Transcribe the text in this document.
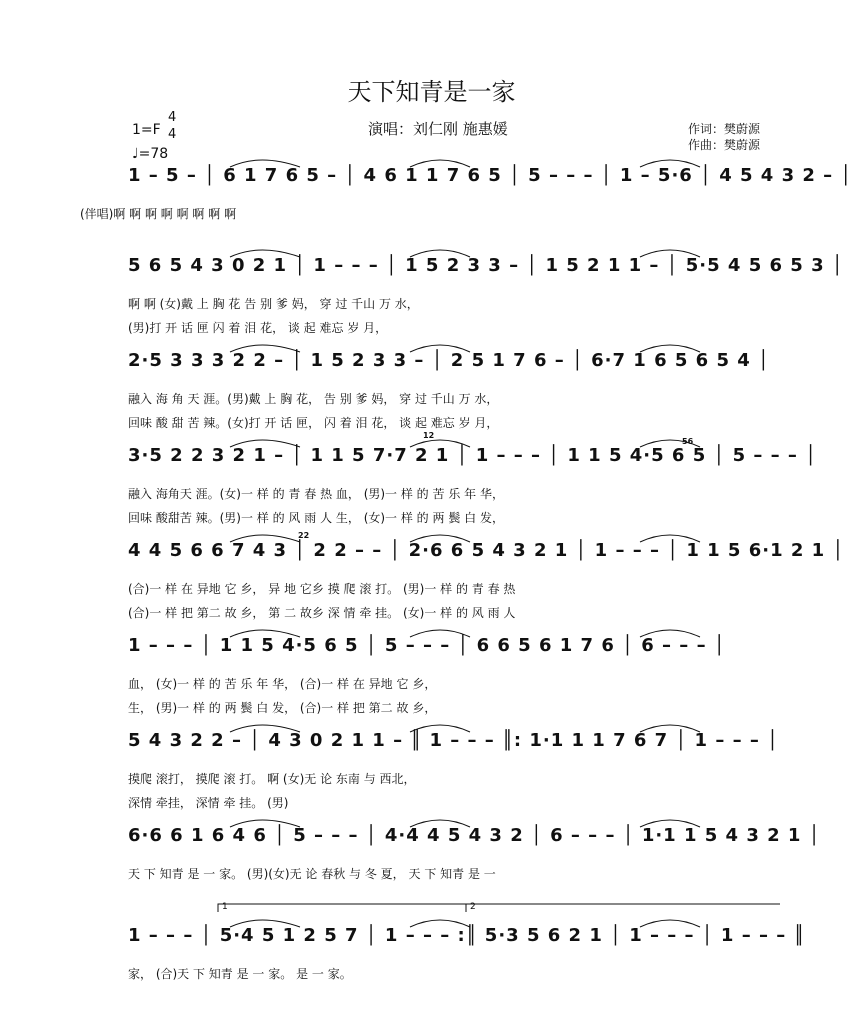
天下知青是一家
1=F
4
4
♩=78
演唱：刘仁刚 施惠媛	作词：樊蔚源
作曲：樊蔚源
1 – 5 – │ 6 1 7 6 5 – │ 4 6 1 1 7 6 5 │ 5 – – – │ 1 – 5·6 │ 4 5 4 3 2 – │
(伴唱)啊 啊 啊 啊 啊 啊 啊 啊
5 6 5 4 3 0 2 1 │ 1 – – – │ 1 5 2 3 3 – │ 1 5 2 1 1 – │ 5·5 4 5 6 5 3 │
啊 啊 (女)戴 上 胸 花 告 别 爹 妈， 穿 过 千山 万 水，
(男)打 开 话 匣 闪 着 泪 花， 谈 起 难忘 岁 月，
2·5 3 3 3 2 2 – │ 1 5 2 3 3 – │ 2 5 1 7 6 – │ 6·7 1 6 5 6 5 4 │
融入 海 角 天 涯。(男)戴 上 胸 花， 告 别 爹 妈， 穿 过 千山 万 水，
回味 酸 甜 苦 辣。(女)打 开 话 匣， 闪 着 泪 花， 谈 起 难忘 岁 月，
3·5 2 2 3 2 1 – │ 1 1 5 7·7 2 1 │ 1 – – – │ 1 1 5 4·5 6 5 │ 5 – – – │
融入 海角天 涯。(女)一 样 的 青 春 热 血， (男)一 样 的 苦 乐 年 华，
回味 酸甜苦 辣。(男)一 样 的 风 雨 人 生， (女)一 样 的 两 鬓 白 发，
4 4 5 6 6 7 4 3 │ 2 2 – – │ 2·6 6 5 4 3 2 1 │ 1 – – – │ 1 1 5 6·1 2 1 │
(合)一 样 在 异地 它 乡， 异 地 它乡 摸 爬 滚 打。 (男)一 样 的 青 春 热
(合)一 样 把 第二 故 乡， 第 二 故乡 深 情 牵 挂。 (女)一 样 的 风 雨 人
1 – – – │ 1 1 5 4·5 6 5 │ 5 – – – │ 6 6 5 6 1 7 6 │ 6 – – – │
血， (女)一 样 的 苦 乐 年 华， (合)一 样 在 异地 它 乡，
生， (男)一 样 的 两 鬓 白 发， (合)一 样 把 第二 故 乡，
5 4 3 2 2 – │ 4 3 0 2 1 1 – ║ 1 – – – ║: 1·1 1 1 7 6 7 │ 1 – – – │
摸爬 滚打， 摸爬 滚 打。 啊 (女)无 论 东南 与 西北，
深情 牵挂， 深情 牵 挂。 (男)
6·6 6 1 6 4 6 │ 5 – – – │ 4·4 4 5 4 3 2 │ 6 – – – │ 1·1 1 5 4 3 2 1 │
天 下 知青 是 一 家。 (男)(女)无 论 春秋 与 冬 夏， 天 下 知青 是 一
1 – – – │ 5·4 5 1 2 5 7 │ 1 – – – :║ 5·3 5 6 2 1 │ 1 – – – │ 1 – – – ║
家， (合)天 下 知青 是 一 家。 是 一 家。
1	2
12
56
22
